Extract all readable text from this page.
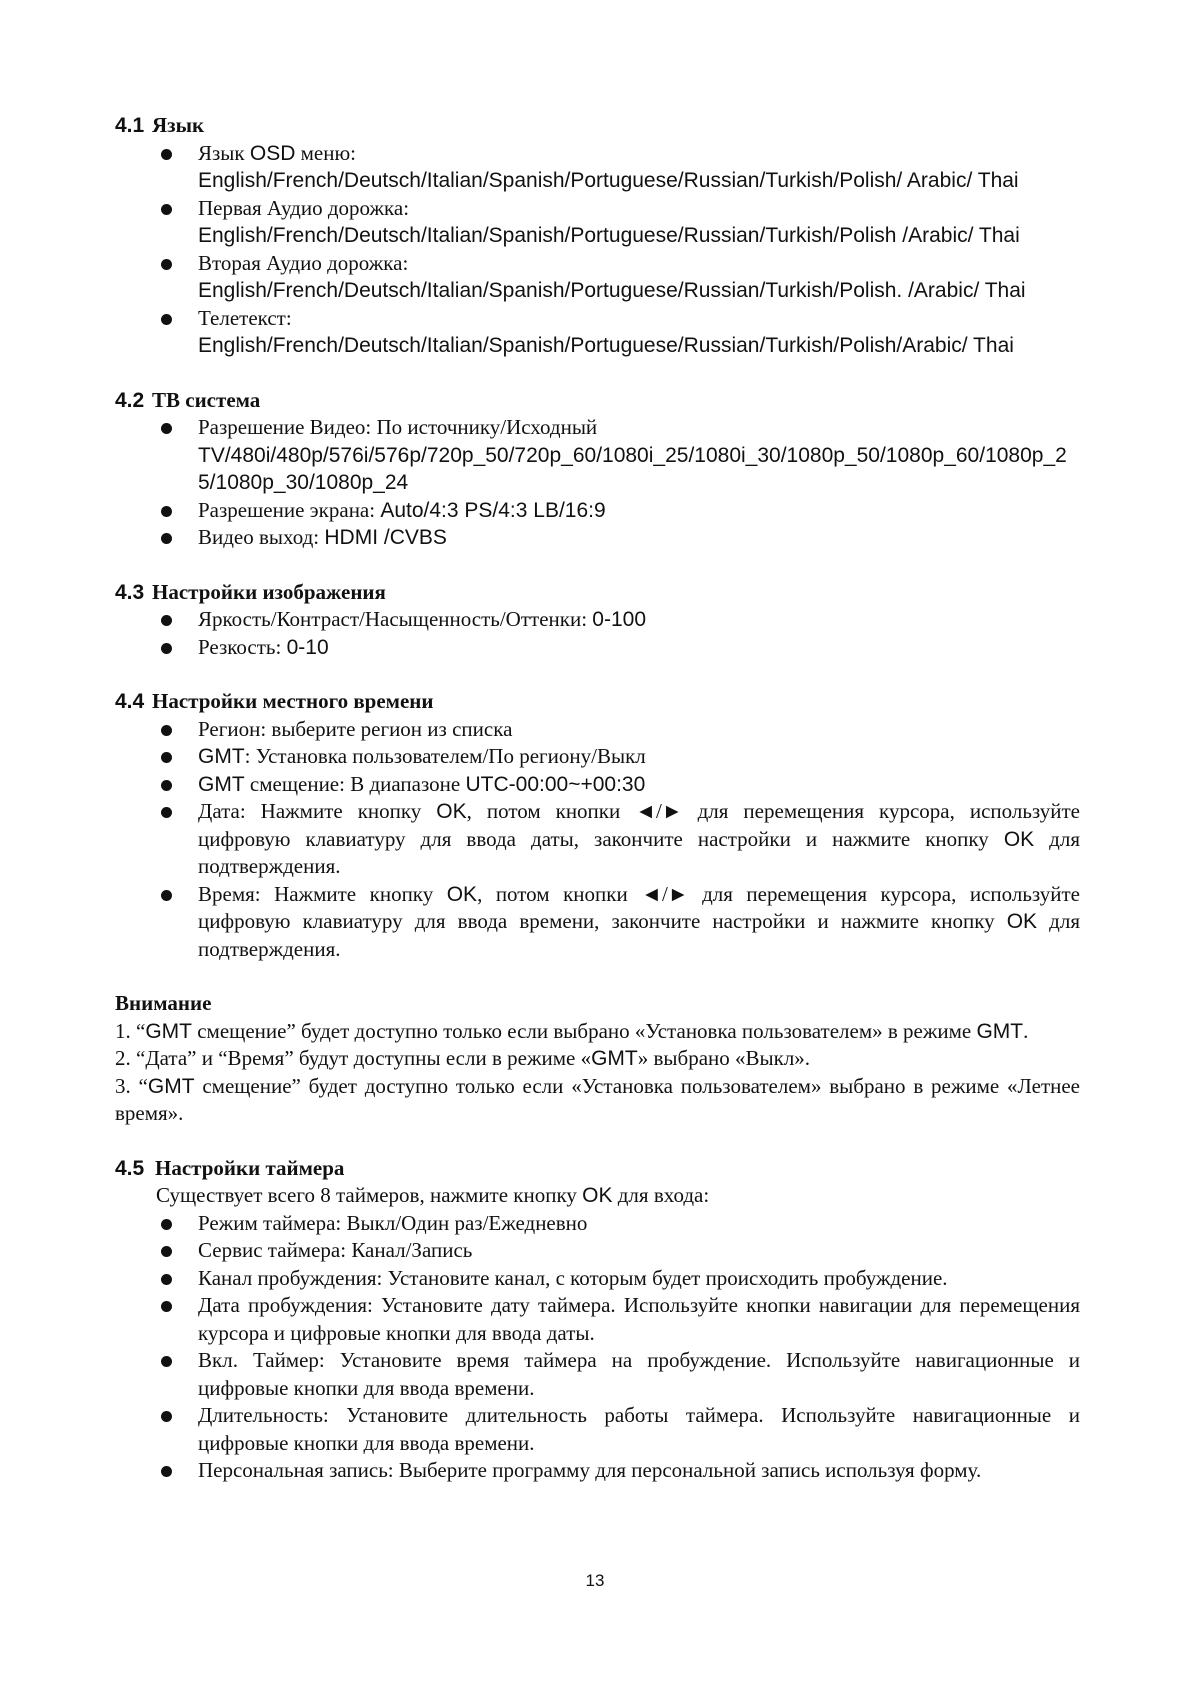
4.1 Язык
Язык OSD меню:
English/French/Deutsch/Italian/Spanish/Portuguese/Russian/Turkish/Polish/ Arabic/ Thai
Первая Аудио дорожка:
English/French/Deutsch/Italian/Spanish/Portuguese/Russian/Turkish/Polish /Arabic/ Thai
Вторая Аудио дорожка:
English/French/Deutsch/Italian/Spanish/Portuguese/Russian/Turkish/Polish. /Arabic/ Thai
Телетекст:
English/French/Deutsch/Italian/Spanish/Portuguese/Russian/Turkish/Polish/Arabic/ Thai
4.2 ТВ система
Разрешение Видео: По источнику/Исходный
TV/480i/480p/576i/576p/720p_50/720p_60/1080i_25/1080i_30/1080p_50/1080p_60/1080p_25/1080p_30/1080p_24
Разрешение экрана: Auto/4:3 PS/4:3 LB/16:9
Видео выход: HDMI /CVBS
4.3 Настройки изображения
Яркость/Контраст/Насыщенность/Оттенки: 0-100
Резкость: 0-10
4.4 Настройки местного времени
Регион: выберите регион из списка
GMT: Установка пользователем/По региону/Выкл
GMT смещение: В диапазоне UTC-00:00~+00:30
Дата: Нажмите кнопку OK, потом кнопки ◄/► для перемещения курсора, используйте цифровую клавиатуру для ввода даты, закончите настройки и нажмите кнопку OK для подтверждения.
Время: Нажмите кнопку OK, потом кнопки ◄/► для перемещения курсора, используйте цифровую клавиатуру для ввода времени, закончите настройки и нажмите кнопку OK для подтверждения.
Внимание

1. “GMT смещение” будет доступно только если выбрано «Установка пользователем» в режиме GMT.

2. “Дата” и “Время” будут доступны если в режиме «GMT» выбрано «Выкл».

3. “GMT смещение” будет доступно только если «Установка пользователем» выбрано в режиме «Летнее время».

4.5 Настройки таймера
Существует всего 8 таймеров, нажмите кнопку OK для входа:
Режим таймера: Выкл/Один раз/Ежедневно
Сервис таймера: Канал/Запись
Канал пробуждения: Установите канал, с которым будет происходить пробуждение.
Дата пробуждения: Установите дату таймера. Используйте кнопки навигации для перемещения курсора и цифровые кнопки для ввода даты.
Вкл. Таймер: Установите время таймера на пробуждение. Используйте навигационные и цифровые кнопки для ввода времени.
Длительность: Установите длительность работы таймера. Используйте навигационные и цифровые кнопки для ввода времени.
Персональная запись: Выберите программу для персональной запись используя форму.
13
